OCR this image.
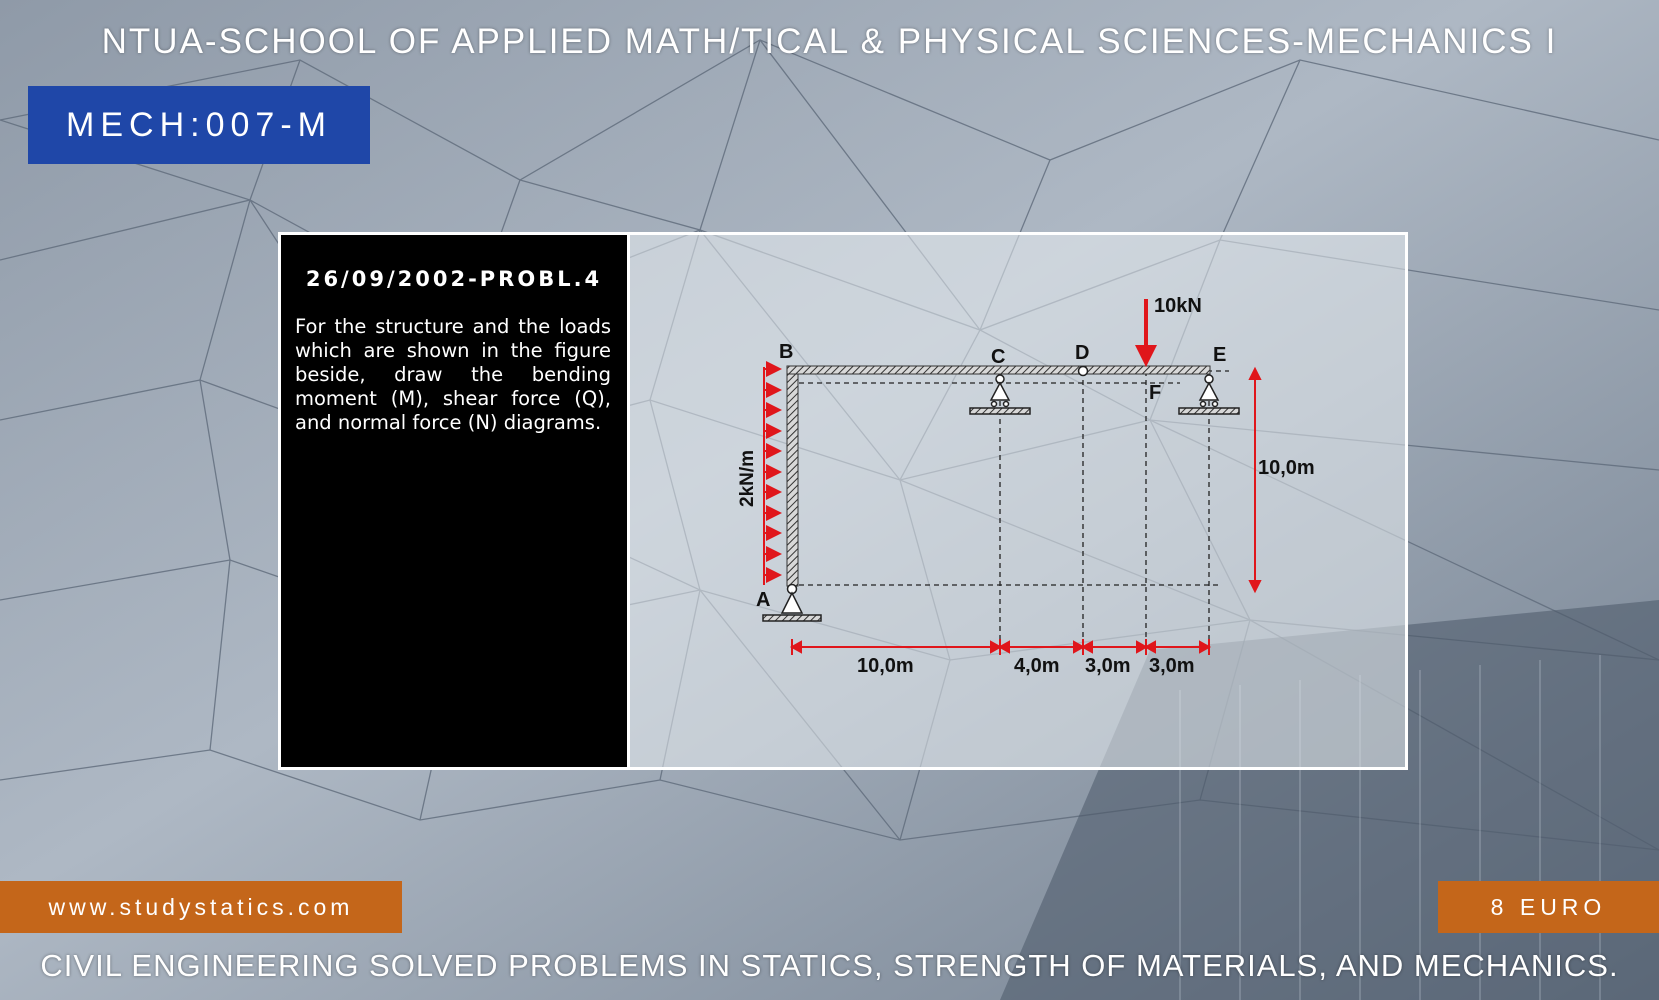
NTUA-SCHOOL OF APPLIED MATH/TICAL & PHYSICAL SCIENCES-MECHANICS I
MECH:007-M
26/09/2002-PROBL.4
For the structure and the loads which are shown in the figure beside, draw the bending moment (M), shear force (Q), and normal force (N) diagrams.
2kN/m
10kN
B	C	D	E
F
A
10,0m
10,0m	4,0m 3,0m 3,0m
www.studystatics.com	8 EURO
CIVIL ENGINEERING SOLVED PROBLEMS IN STATICS, STRENGTH OF MATERIALS, AND MECHANICS.
